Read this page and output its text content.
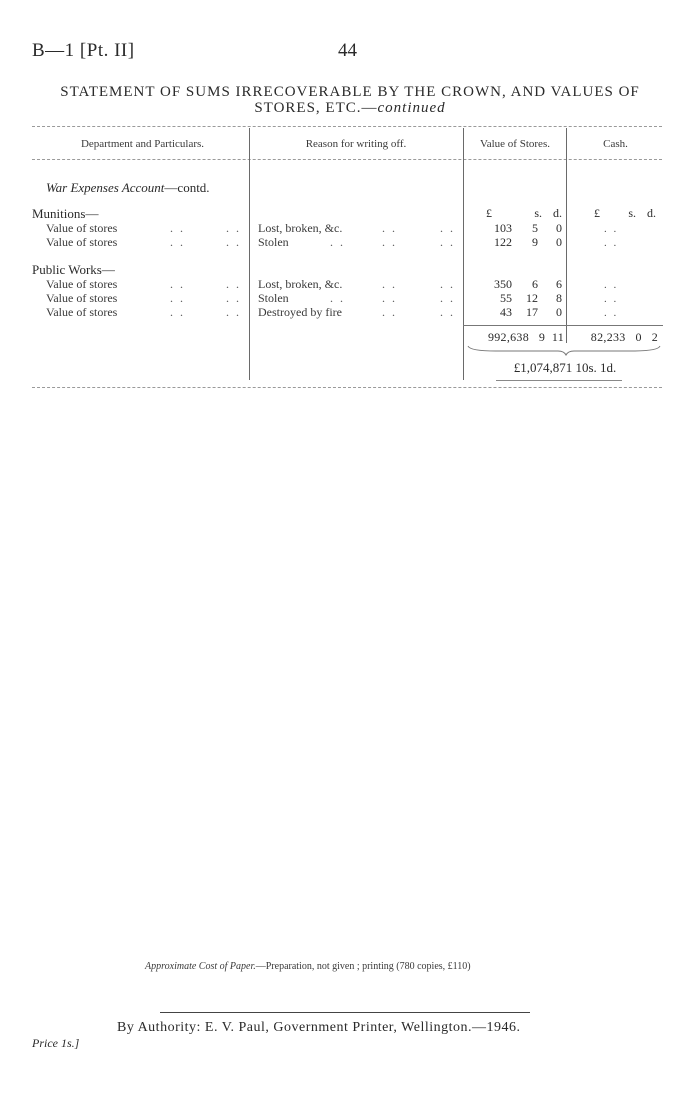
B—1 [Pt. II]	44
STATEMENT OF SUMS IRRECOVERABLE BY THE CROWN, AND VALUES OF
STORES, ETC.—continued
Department and Particulars.	Reason for writing off.	Value of Stores.	Cash.
War Expenses Account—contd.
Munitions—	£	s. d.	£	s. d.
Value of stores	. .	. . Lost, broken, &c.	. .	. .	103	5	0	. .
Value of stores	. .	. . Stolen	. .	. .	. .	122	9	0	. .
Public Works—
Value of stores	. .	. . Lost, broken, &c.	. .	. .	350	6	6	. .
Value of stores	. .	. . Stolen	. .	. .	. .	55	12	8	. .
Value of stores	. .	. . Destroyed by fire	. .	. .	43	17	0	. .
992,638   9  11	82,233   0   2
£1,074,871 10s. 1d.
Approximate Cost of Paper.—Preparation, not given ; printing (780 copies, £110)
By Authority: E. V. Paul, Government Printer, Wellington.—1946.
Price 1s.]
